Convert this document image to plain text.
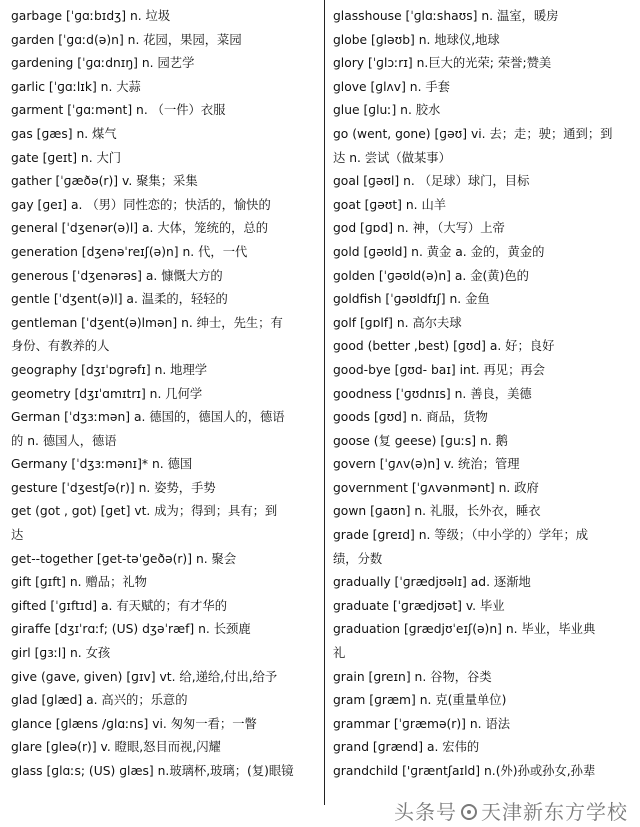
garbage [ˈɡɑːbɪdʒ] n. 垃圾
garden [ˈɡɑːd(ə)n] n. 花园，果园，菜园
gardening [ˈɡɑːdnɪŋ] n. 园艺学
garlic [ˈɡɑːlɪk] n. 大蒜
garment [ˈɡɑːmənt] n. （一件）衣服
gas [ɡæs] n. 煤气
gate [ɡeɪt] n. 大门
gather [ˈɡæðə(r)] v. 聚集；采集
gay [ɡeɪ] a. （男）同性恋的；快活的，愉快的
general [ˈdʒenər(ə)l] a. 大体，笼统的，总的
generation [dʒenəˈreɪʃ(ə)n] n. 代，一代
generous [ˈdʒenərəs] a. 慷慨大方的
gentle [ˈdʒent(ə)l] a. 温柔的，轻轻的
gentleman [ˈdʒent(ə)lmən] n. 绅士，先生；有
身份、有教养的人
geography [dʒɪˈɒɡrəfɪ] n. 地理学
geometry [dʒɪˈɑmɪtrɪ] n. 几何学
German [ˈdʒɜːmən] a. 德国的，德国人的，德语
的 n. 德国人，德语
Germany [ˈdʒɜːmənɪ]* n. 德国
gesture [ˈdʒestʃə(r)] n. 姿势，手势
get (got , got) [ɡet] vt. 成为；得到；具有；到
达
get--together [ɡet-təˈɡeðə(r)] n. 聚会
gift [ɡɪft] n. 赠品；礼物
gifted [ˈɡɪftɪd] a. 有天赋的；有才华的
giraffe [dʒɪˈrɑːf; (US) dʒəˈræf] n. 长颈鹿
girl [ɡɜːl] n. 女孩
give (gave, given) [ɡɪv] vt. 给,递给,付出,给予
glad [ɡlæd] a. 高兴的；乐意的
glance [ɡlæns /ɡlɑːns] vi. 匆匆一看；一瞥
glare [ɡleə(r)] v. 瞪眼,怒目而视,闪耀
glass [ɡlɑːs; (US) ɡlæs] n.玻璃杯,玻璃；(复)眼镜
glasshouse [ˈɡlɑːshaʊs] n. 温室，暖房
globe [ɡləʊb] n. 地球仪,地球
glory [ˈɡlɔːrɪ] n.巨大的光荣; 荣誉;赞美
glove [ɡlʌv] n. 手套
glue [ɡluː] n. 胶水
go (went, gone) [ɡəʊ] vi. 去；走；驶；通到；到
达 n. 尝试（做某事）
goal [ɡəʊl] n. （足球）球门，目标
goat [ɡəʊt] n. 山羊
god [ɡɒd] n. 神，（大写）上帝
gold [ɡəʊld] n. 黄金 a. 金的，黄金的
golden [ˈɡəʊld(ə)n] a. 金(黄)色的
goldfish [ˈɡəʊldfɪʃ] n. 金鱼
golf [ɡɒlf] n. 高尔夫球
good (better ,best) [ɡʊd] a. 好；良好
good-bye [ɡʊd- baɪ] int. 再见；再会
goodness [ˈɡʊdnɪs] n. 善良，美德
goods [ɡʊd] n. 商品，货物
goose (复 geese) [ɡuːs] n. 鹅
govern [ˈɡʌv(ə)n] v. 统治；管理
government [ˈɡʌvənmənt] n. 政府
gown [ɡaʊn] n. 礼服，长外衣，睡衣
grade [ɡreɪd] n. 等级；（中小学的）学年；成
绩，分数
gradually [ˈɡrædjʊəlɪ] ad. 逐渐地
graduate [ˈɡrædjʊət] v. 毕业
graduation [ɡrædjʊˈeɪʃ(ə)n] n. 毕业，毕业典
礼
grain [ɡreɪn] n. 谷物，谷类
gram [ɡræm] n. 克(重量单位)
grammar [ˈɡræmə(r)] n. 语法
grand [ɡrænd] a. 宏伟的
grandchild ['ɡræntʃaɪld] n.(外)孙或孙女,孙辈
头条号 天津新东方学校
